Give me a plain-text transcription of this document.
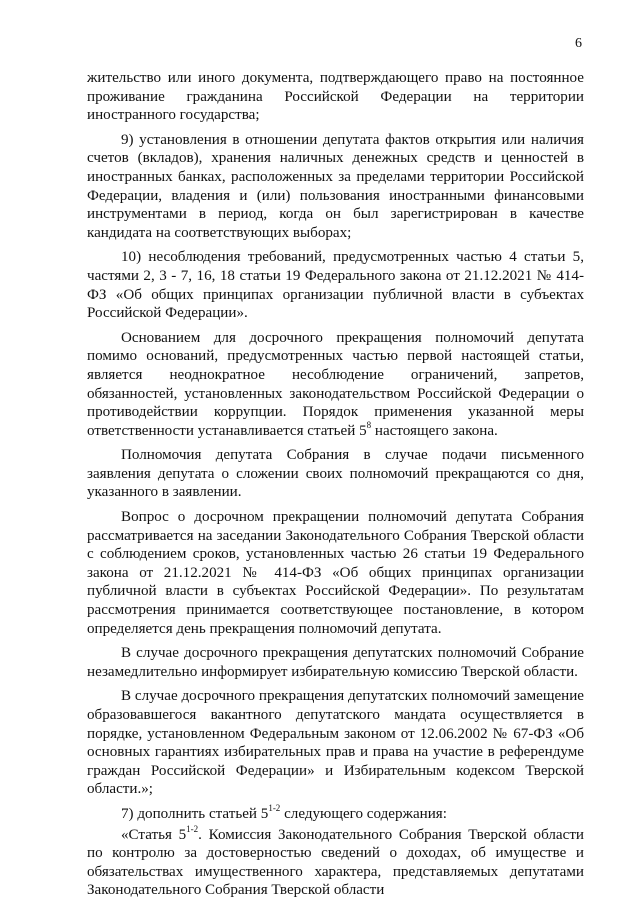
6

жительство или иного документа, подтверждающего право на постоянное проживание гражданина Российской Федерации на территории иностранного государства;

9) установления в отношении депутата фактов открытия или наличия счетов (вкладов), хранения наличных денежных средств и ценностей в иностранных банках, расположенных за пределами территории Российской Федерации, владения и (или) пользования иностранными финансовыми инструментами в период, когда он был зарегистрирован в качестве кандидата на соответствующих выборах;

10) несоблюдения требований, предусмотренных частью 4 статьи 5, частями 2, 3 - 7, 16, 18 статьи 19 Федерального закона от 21.12.2021 № 414-ФЗ «Об общих принципах организации публичной власти в субъектах Российской Федерации».

Основанием для досрочного прекращения полномочий депутата помимо оснований, предусмотренных частью первой настоящей статьи, является неоднократное несоблюдение ограничений, запретов, обязанностей, установленных законодательством Российской Федерации о противодействии коррупции. Порядок применения указанной меры ответственности устанавливается статьей $5^8$ настоящего закона.

Полномочия депутата Собрания в случае подачи письменного заявления депутата о сложении своих полномочий прекращаются со дня, указанного в заявлении.

Вопрос о досрочном прекращении полномочий депутата Собрания рассматривается на заседании Законодательного Собрания Тверской области с соблюдением сроков, установленных частью 26 статьи 19 Федерального закона от 21.12.2021 № 414-ФЗ «Об общих принципах организации публичной власти в субъектах Российской Федерации». По результатам рассмотрения принимается соответствующее постановление, в котором определяется день прекращения полномочий депутата.

В случае досрочного прекращения депутатских полномочий Собрание незамедлительно информирует избирательную комиссию Тверской области.

В случае досрочного прекращения депутатских полномочий замещение образовавшегося вакантного депутатского мандата осуществляется в порядке, установленном Федеральным законом от 12.06.2002 № 67-ФЗ «Об основных гарантиях избирательных прав и права на участие в референдуме граждан Российской Федерации» и Избирательным кодексом Тверской области.»;

7) дополнить статьей 5$^{1-2}$ следующего содержания:

«Статья 5$^{1-2}$. Комиссия Законодательного Собрания Тверской области по контролю за достоверностью сведений о доходах, об имуществе и обязательствах имущественного характера, представляемых депутатами Законодательного Собрания Тверской области
